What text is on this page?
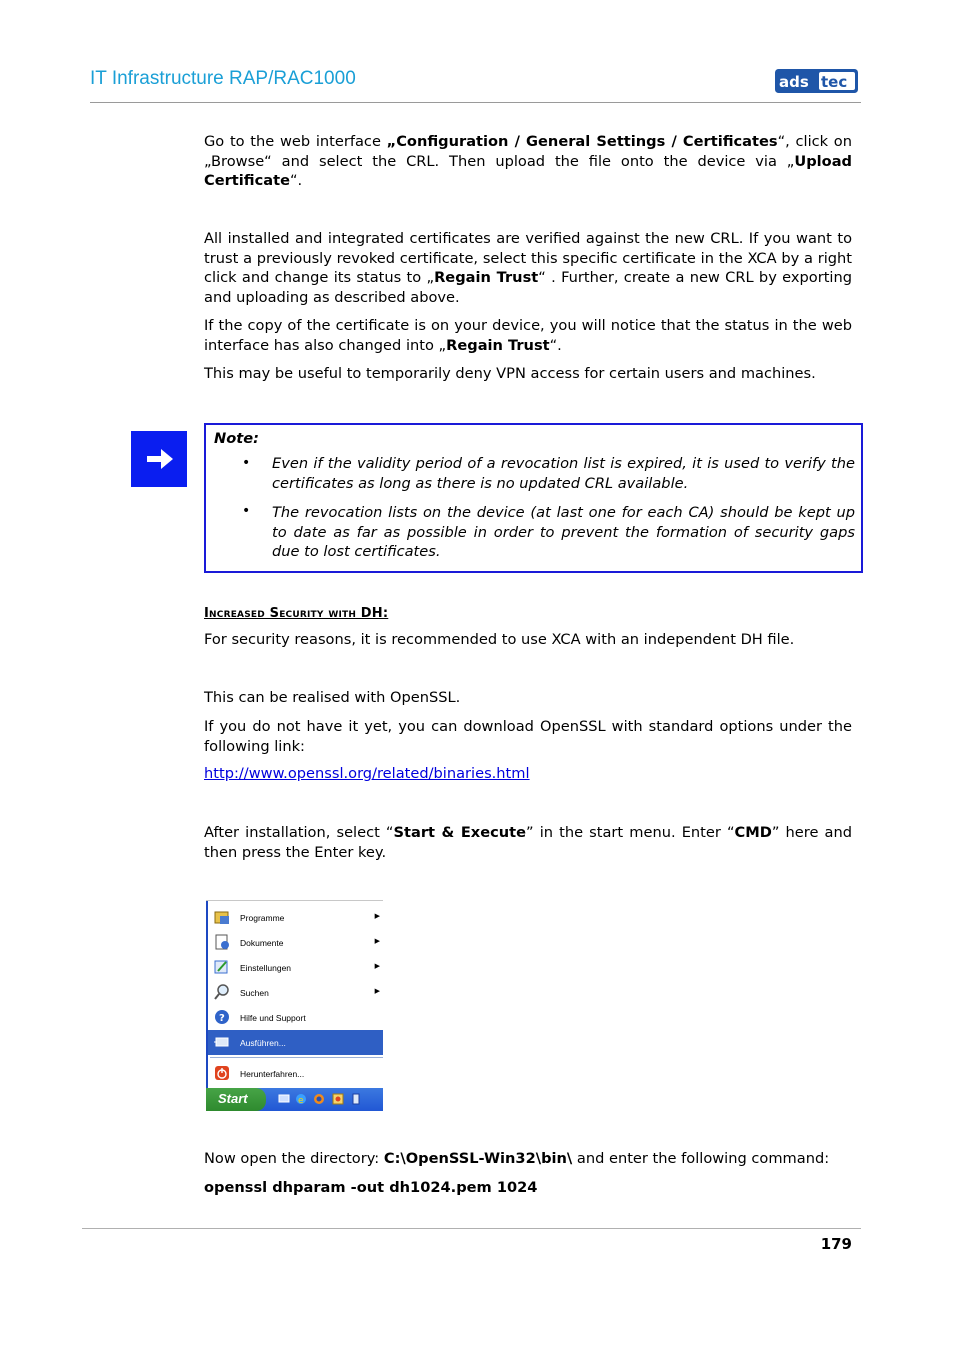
IT Infrastructure RAP/RAC1000	ads tec
Go to the web interface „Configuration / General Settings / Certificates“, click on „Browse“ and select the CRL. Then upload the file onto the device via „Upload Certificate“.
All installed and integrated certificates are verified against the new CRL. If you want to trust a previously revoked certificate, select this specific certificate in the XCA by a right click and change its status to „Regain Trust“ . Further, create a new CRL by exporting and uploading as described above.
If the copy of the certificate is on your device, you will notice that the status in the web interface has also changed into „Regain Trust“.
This may be useful to temporarily deny VPN access for certain users and machines.
Note:
• Even if the validity period of a revocation list is expired, it is used to verify the certificates as long as there is no updated CRL available.
• The revocation lists on the device (at last one for each CA) should be kept up to date as far as possible in order to prevent the formation of security gaps due to lost certificates.
Increased Security with DH:
For security reasons, it is recommended to use XCA with an independent DH file.
This can be realised with OpenSSL.
If you do not have it yet, you can download OpenSSL with standard options under the following link:
http://www.openssl.org/related/binaries.html
After installation, select “Start & Execute” in the start menu. Enter “CMD” here and then press the Enter key.
Programme	▶
Dokumente	▶
Einstellungen	▶
Suchen	▶
? Hilfe und Support
Ausführen...
Herunterfahren...
Start	e
Now open the directory: C:\OpenSSL-Win32\bin\ and enter the following command:
openssl dhparam -out dh1024.pem 1024
179
